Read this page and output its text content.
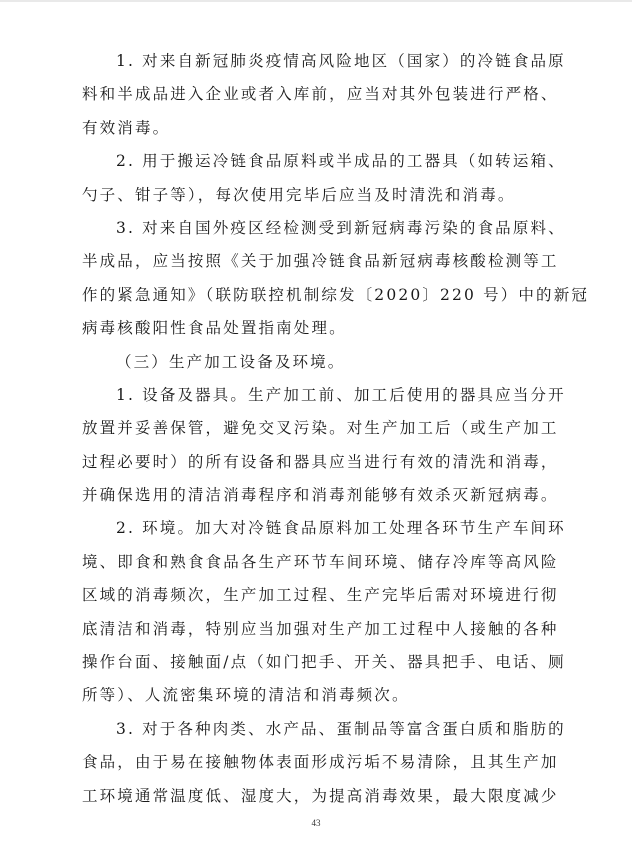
1. 对来自新冠肺炎疫情高风险地区（国家）的冷链食品原
料和半成品进入企业或者入库前，应当对其外包装进行严格、
有效消毒。
2. 用于搬运冷链食品原料或半成品的工器具（如转运箱、
勺子、钳子等），每次使用完毕后应当及时清洗和消毒。
3. 对来自国外疫区经检测受到新冠病毒污染的食品原料、
半成品，应当按照《关于加强冷链食品新冠病毒核酸检测等工
作的紧急通知》（联防联控机制综发〔2020〕220 号）中的新冠
病毒核酸阳性食品处置指南处理。
（三）生产加工设备及环境。
1. 设备及器具。生产加工前、加工后使用的器具应当分开
放置并妥善保管，避免交叉污染。对生产加工后（或生产加工
过程必要时）的所有设备和器具应当进行有效的清洗和消毒，
并确保选用的清洁消毒程序和消毒剂能够有效杀灭新冠病毒。
2. 环境。加大对冷链食品原料加工处理各环节生产车间环
境、即食和熟食食品各生产环节车间环境、储存冷库等高风险
区域的消毒频次，生产加工过程、生产完毕后需对环境进行彻
底清洁和消毒，特别应当加强对生产加工过程中人接触的各种
操作台面、接触面/点（如门把手、开关、器具把手、电话、厕
所等）、人流密集环境的清洁和消毒频次。
3. 对于各种肉类、水产品、蛋制品等富含蛋白质和脂肪的
食品，由于易在接触物体表面形成污垢不易清除，且其生产加
工环境通常温度低、湿度大，为提高消毒效果，最大限度减少
43
